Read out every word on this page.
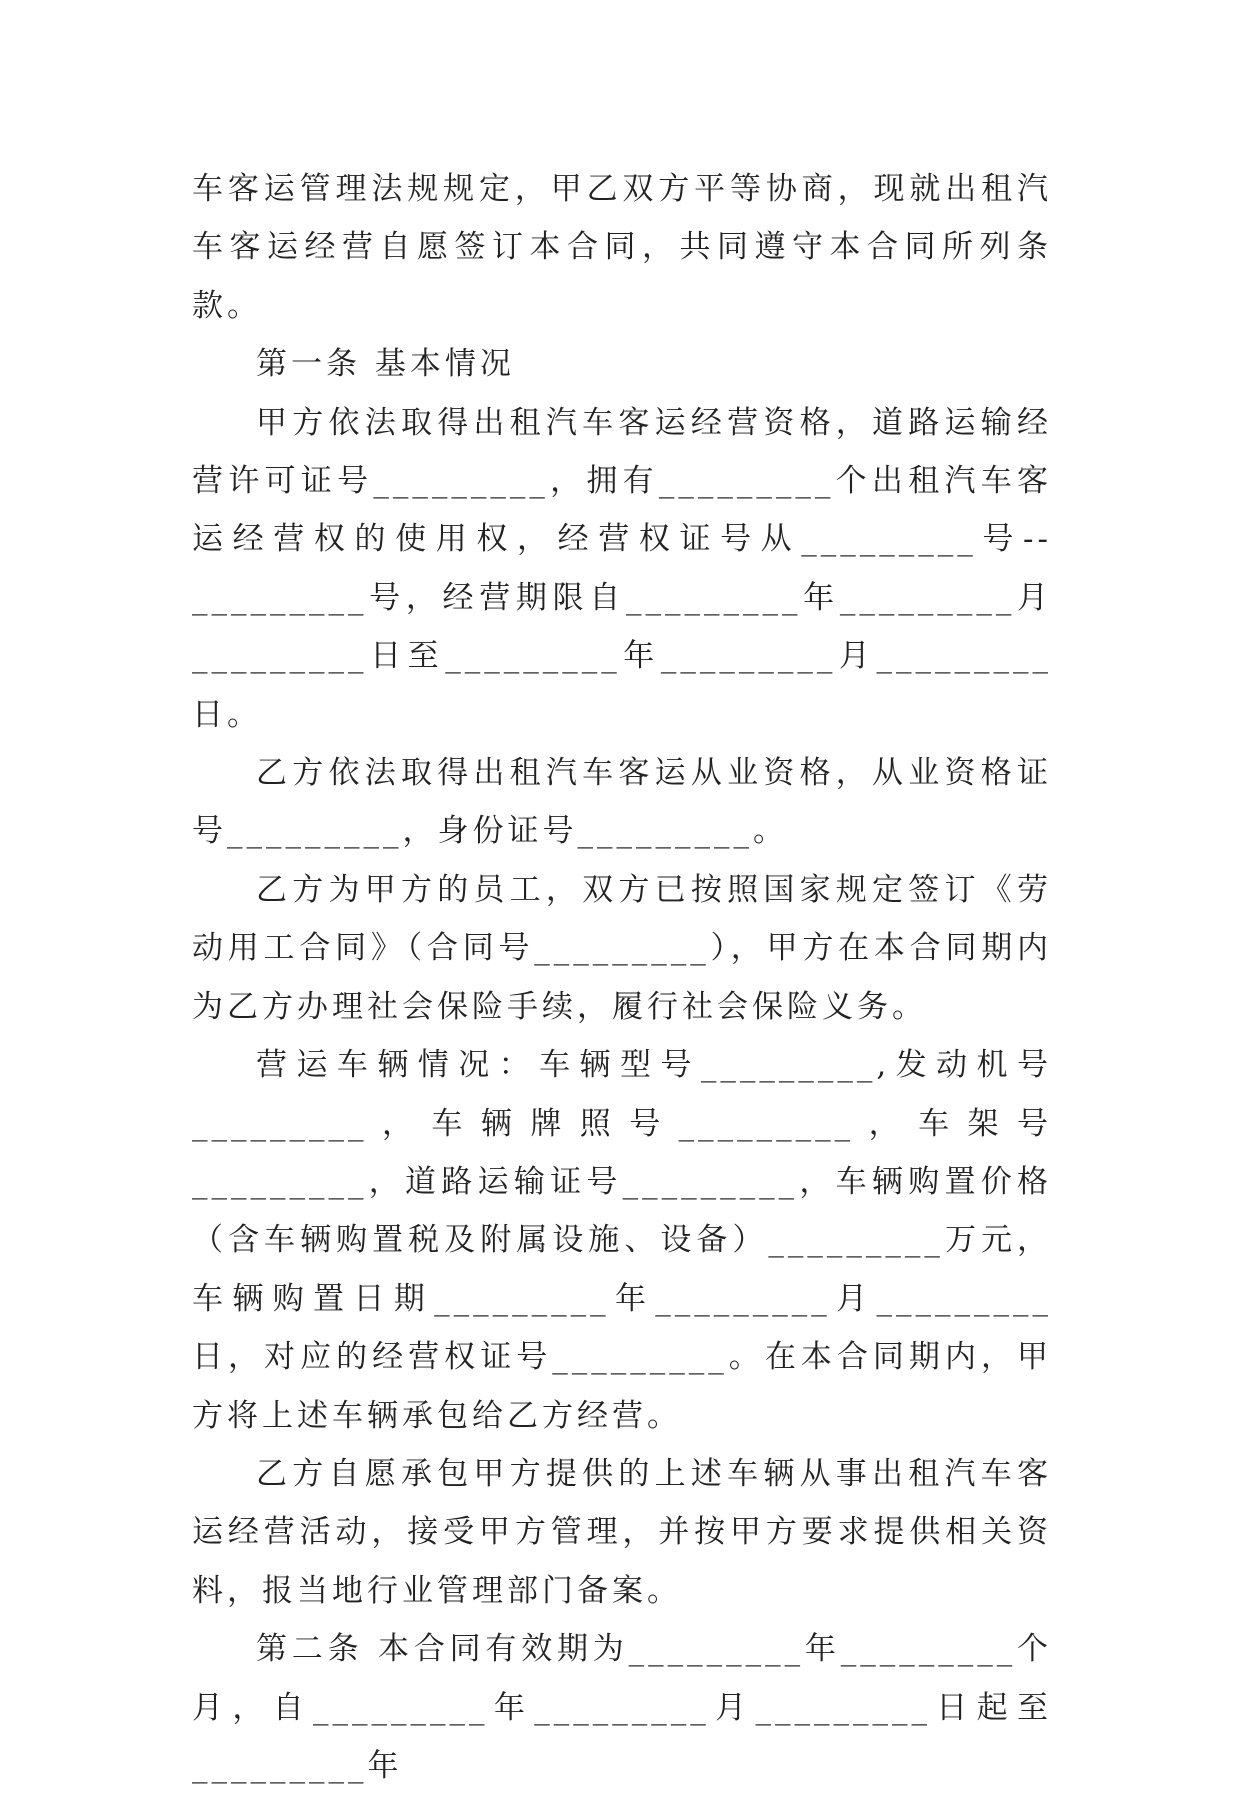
车客运管理法规规定，甲乙双方平等协商，现就出租汽车客运经营自愿签订本合同，共同遵守本合同所列条款。

第一条 基本情况

甲方依法取得出租汽车客运经营资格，道路运输经营许可证号_________，拥有_________个出租汽车客运经营权的使用权，经营权证号从_________号--_________号，经营期限自_________年_________月_________日至_________年_________月_________日。

乙方依法取得出租汽车客运从业资格，从业资格证号_________，身份证号_________。

乙方为甲方的员工，双方已按照国家规定签订《劳动用工合同》（合同号_________），甲方在本合同期内为乙方办理社会保险手续，履行社会保险义务。

营运车辆情况：车辆型号_________,发动机号_________，车辆牌照号_________，车架号_________，道路运输证号_________，车辆购置价格（含车辆购置税及附属设施、设备）_________万元，车辆购置日期_________年_________月_________日，对应的经营权证号_________。在本合同期内，甲方将上述车辆承包给乙方经营。

乙方自愿承包甲方提供的上述车辆从事出租汽车客运经营活动，接受甲方管理，并按甲方要求提供相关资料，报当地行业管理部门备案。

第二条 本合同有效期为_________年_________个月，自_________年_________月_________日起至_________年
